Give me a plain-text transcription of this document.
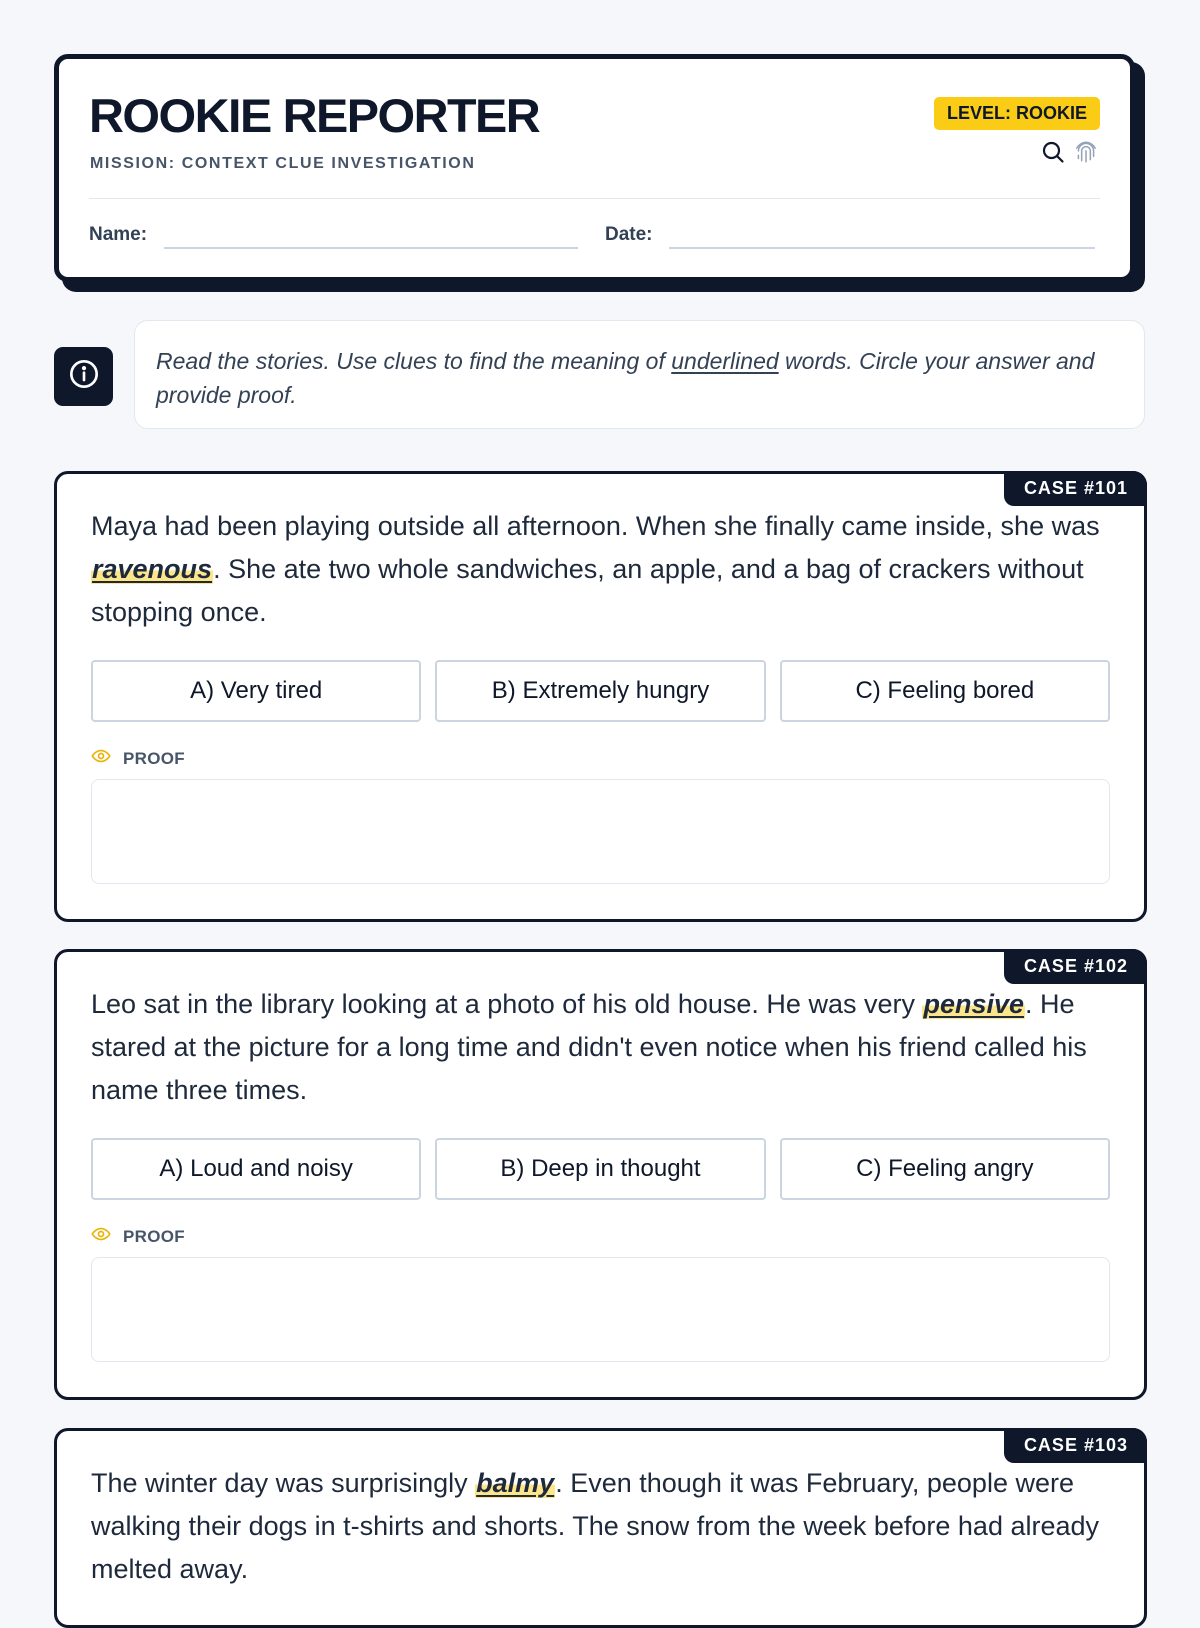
ROOKIE REPORTER
MISSION: CONTEXT CLUE INVESTIGATION
LEVEL: ROOKIE
Name:	Date:
Read the stories. Use clues to find the meaning of underlined words. Circle your answer and provide proof.
CASE #101
Maya had been playing outside all afternoon. When she finally came inside, she was ravenous. She ate two whole sandwiches, an apple, and a bag of crackers without stopping once.
A) Very tired	B) Extremely hungry	C) Feeling bored
PROOF
CASE #102
Leo sat in the library looking at a photo of his old house. He was very pensive. He stared at the picture for a long time and didn't even notice when his friend called his name three times.
A) Loud and noisy	B) Deep in thought	C) Feeling angry
PROOF
CASE #103
The winter day was surprisingly balmy. Even though it was February, people were walking their dogs in t-shirts and shorts. The snow from the week before had already melted away.
